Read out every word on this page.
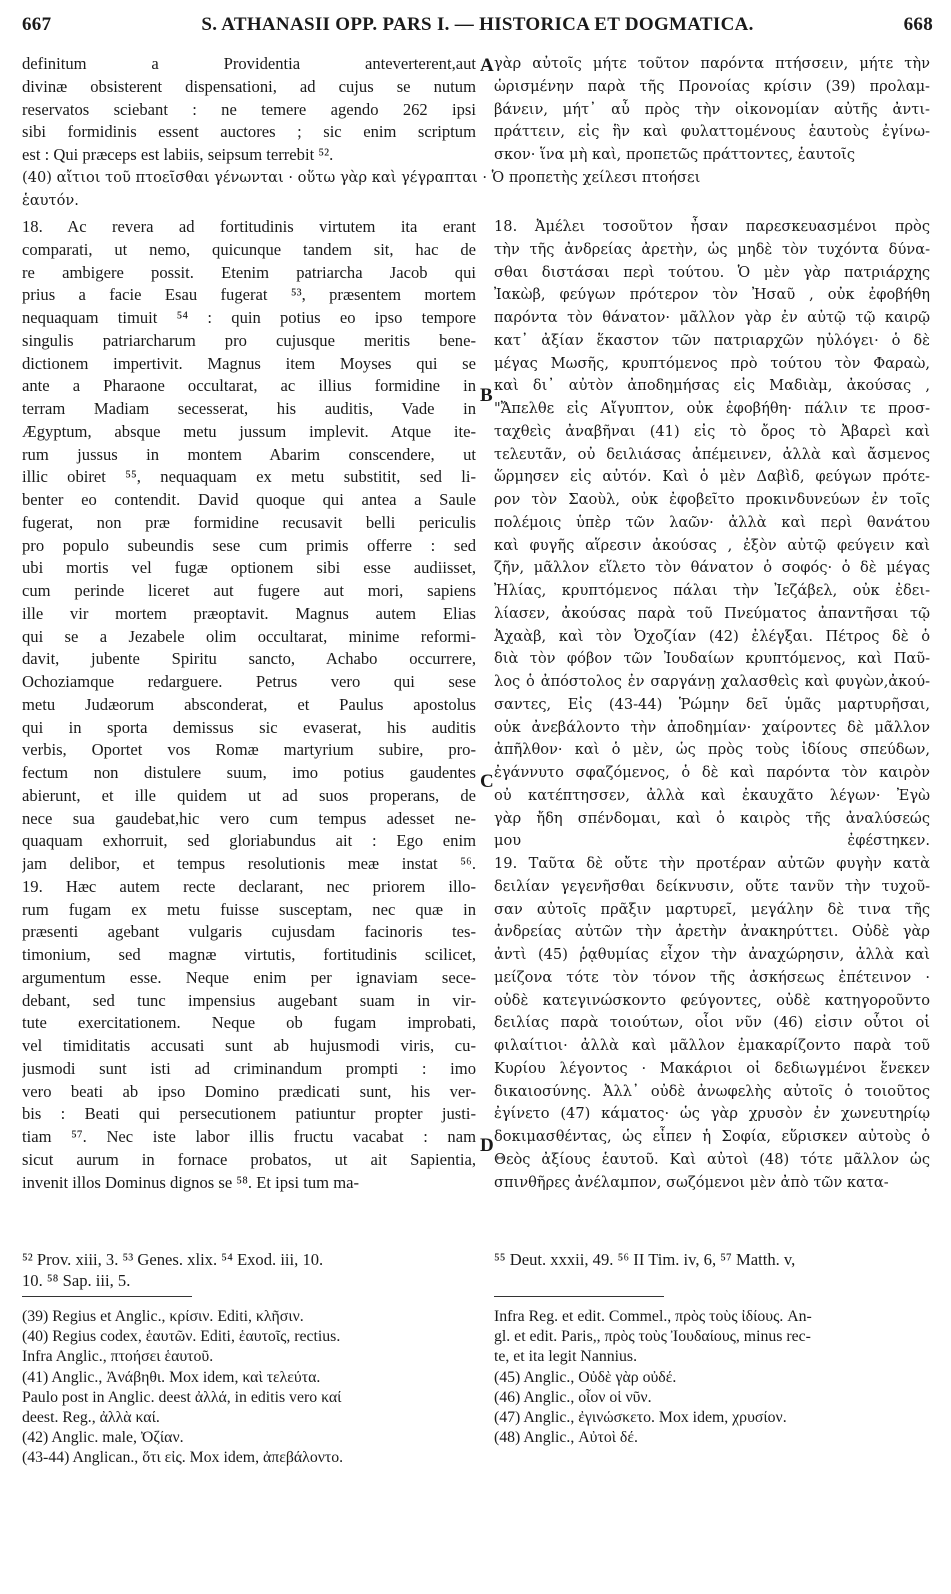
667	S. ATHANASII OPP. PARS I. — HISTORICA ET DOGMATICA.	668
definitum a Providentia anteverterent,aut
divinæ obsisterent dispensationi, ad cujus se nutum
reservatos sciebant : ne temere agendo 262 ipsi
sibi formidinis essent auctores ; sic enim scriptum
est : Qui præceps est labiis, seipsum terrebit ⁵².
γὰρ αὐτοῖς μήτε τοῦτον παρόντα πτήσσειν, μήτε τὴν
ὡρισμένην παρὰ τῆς Προνοίας κρίσιν (39) προλαμ-
βάνειν, μήτ᾽ αὖ πρὸς τὴν οἰκονομίαν αὐτῆς ἀντι-
πράττειν, εἰς ἣν καὶ φυλαττομένους ἑαυτοὺς ἐγίνω-
σκον· ἵνα μὴ καὶ, προπετῶς πράττοντες, ἑαυτοῖς
(40) αἴτιοι τοῦ πτοεῖσθαι γένωνται · οὕτω γὰρ καὶ γέγραπται · Ὁ προπετὴς χείλεσι πτοήσει
ἑαυτόν.
18. Ac revera ad fortitudinis virtutem ita erant
comparati, ut nemo, quicunque tandem sit, hac de
re ambigere possit. Etenim patriarcha Jacob qui
prius a facie Esau fugerat ⁵³, præsentem mortem
nequaquam timuit ⁵⁴ : quin potius eo ipso tempore
singulis patriarcharum pro cujusque meritis bene-
dictionem impertivit. Magnus item Moyses qui se
ante a Pharaone occultarat, ac illius formidine in
terram Madiam secesserat, his auditis, Vade in
Ægyptum, absque metu jussum implevit. Atque ite-
rum jussus in montem Abarim conscendere, ut
illic obiret ⁵⁵, nequaquam ex metu substitit, sed li-
benter eo contendit. David quoque qui antea a Saule
fugerat, non præ formidine recusavit belli periculis
pro populo subeundis sese cum primis offerre : sed
ubi mortis vel fugæ optionem sibi esse audiisset,
cum perinde liceret aut fugere aut mori, sapiens
ille vir mortem præoptavit. Magnus autem Elias
qui se a Jezabele olim occultarat, minime reformi-
davit, jubente Spiritu sancto, Achabo occurrere,
Ochoziamque redarguere. Petrus vero qui sese
metu Judæorum absconderat, et Paulus apostolus
qui in sporta demissus sic evaserat, his auditis
verbis, Oportet vos Romæ martyrium subire, pro-
fectum non distulere suum, imo potius gaudentes
abierunt, et ille quidem ut ad suos properans, de
nece sua gaudebat,hic vero cum tempus adesset ne-
quaquam exhorruit, sed gloriabundus ait : Ego enim
jam delibor, et tempus resolutionis meæ instat ⁵⁶.
19. Hæc autem recte declarant, nec priorem illo-
rum fugam ex metu fuisse susceptam, nec quæ in
præsenti agebant vulgaris cujusdam facinoris tes-
timonium, sed magnæ virtutis, fortitudinis scilicet,
argumentum esse. Neque enim per ignaviam sece-
debant, sed tunc impensius augebant suam in vir-
tute exercitationem. Neque ob fugam improbati,
vel timiditatis accusati sunt ab hujusmodi viris, cu-
jusmodi sunt isti ad criminandum prompti : imo
vero beati ab ipso Domino prædicati sunt, his ver-
bis : Beati qui persecutionem patiuntur propter justi-
tiam ⁵⁷. Nec iste labor illis fructu vacabat : nam
sicut aurum in fornace probatos, ut ait Sapientia,
invenit illos Dominus dignos se ⁵⁸. Et ipsi tum ma-
18. Ἀμέλει τοσοῦτον ἦσαν παρεσκευασμένοι πρὸς
τὴν τῆς ἀνδρείας ἀρετὴν, ὡς μηδὲ τὸν τυχόντα δύνα-
σθαι διστάσαι περὶ τούτου. Ὁ μὲν γὰρ πατριάρχης
Ἰακὼβ, φεύγων πρότερον τὸν Ἠσαῦ , οὐκ ἐφοβήθη
παρόντα τὸν θάνατον· μᾶλλον γὰρ ἐν αὐτῷ τῷ καιρῷ
κατ᾽ ἀξίαν ἕκαστον τῶν πατριαρχῶν ηὐλόγει· ὁ δὲ
μέγας Μωσῆς, κρυπτόμενος πρὸ τούτου τὸν Φαραὼ,
καὶ δι᾽ αὐτὸν ἀποδημήσας εἰς Μαδιὰμ, ἀκούσας ,
"Ἄπελθε εἰς Αἴγυπτον, οὐκ ἐφοβήθη· πάλιν τε προσ-
ταχθεὶς ἀναβῆναι (41) εἰς τὸ ὄρος τὸ Ἀβαρεὶ καὶ
τελευτᾶν, οὐ δειλιάσας ἀπέμεινεν, ἀλλὰ καὶ ἄσμενος
ὥρμησεν εἰς αὐτόν. Καὶ ὁ μὲν Δαβὶδ, φεύγων πρότε-
ρον τὸν Σαοὺλ, οὐκ ἐφοβεῖτο προκινδυνεύων ἐν τοῖς
πολέμοις ὑπὲρ τῶν λαῶν· ἀλλὰ καὶ περὶ θανάτου
καὶ φυγῆς αἵρεσιν ἀκούσας , ἐξὸν αὐτῷ φεύγειν καὶ
ζῆν, μᾶλλον εἵλετο τὸν θάνατον ὁ σοφός· ὁ δὲ μέγας
Ἠλίας, κρυπτόμενος πάλαι τὴν Ἰεζάβελ, οὐκ ἐδει-
λίασεν, ἀκούσας παρὰ τοῦ Πνεύματος ἀπαντῆσαι τῷ
Ἀχαὰβ, καὶ τὸν Ὀχοζίαν (42) ἐλέγξαι. Πέτρος δὲ ὁ
διὰ τὸν φόβον τῶν Ἰουδαίων κρυπτόμενος, καὶ Παῦ-
λος ὁ ἀπόστολος ἐν σαργάνῃ χαλασθεὶς καὶ φυγὼν,ἀκού-
σαντες, Εἰς (43-44) Ῥώμην δεῖ ὑμᾶς μαρτυρῆσαι,
οὐκ ἀνεβάλοντο τὴν ἀποδημίαν· χαίροντες δὲ μᾶλλον
ἀπῆλθον· καὶ ὁ μὲν, ὡς πρὸς τοὺς ἰδίους σπεύδων,
ἐγάννυτο σφαζόμενος, ὁ δὲ καὶ παρόντα τὸν καιρὸν
οὐ κατέπτησσεν, ἀλλὰ καὶ ἐκαυχᾶτο λέγων· Ἐγὼ
γὰρ ἤδη σπένδομαι, καὶ ὁ καιρὸς τῆς ἀναλύσεώς
μου ἐφέστηκεν.
19. Ταῦτα δὲ οὔτε τὴν προτέραν αὐτῶν φυγὴν κατὰ
δειλίαν γεγενῆσθαι δείκνυσιν, οὔτε τανῦν τὴν τυχοῦ-
σαν αὐτοῖς πρᾶξιν μαρτυρεῖ, μεγάλην δὲ τινα τῆς
ἀνδρείας αὐτῶν τὴν ἀρετὴν ἀνακηρύττει. Οὐδὲ γὰρ
ἀντὶ (45) ῥᾳθυμίας εἶχον τὴν ἀναχώρησιν, ἀλλὰ καὶ
μείζονα τότε τὸν τόνον τῆς ἀσκήσεως ἐπέτεινον ·
οὐδὲ κατεγινώσκοντο φεύγοντες, οὐδὲ κατηγοροῦντο
δειλίας παρὰ τοιούτων, οἷοι νῦν (46) εἰσιν οὗτοι οἱ
φιλαίτιοι· ἀλλὰ καὶ μᾶλλον ἐμακαρίζοντο παρὰ τοῦ
Κυρίου λέγοντος · Μακάριοι οἱ δεδιωγμένοι ἕνεκεν
δικαιοσύνης. Ἀλλ᾽ οὐδὲ ἀνωφελὴς αὐτοῖς ὁ τοιοῦτος
ἐγίνετο (47) κάματος· ὡς γὰρ χρυσὸν ἐν χωνευτηρίῳ
δοκιμασθέντας, ὡς εἶπεν ἡ Σοφία, εὕρισκεν αὐτοὺς ὁ
Θεὸς ἀξίους ἑαυτοῦ. Καὶ αὐτοὶ (48) τότε μᾶλλον ὡς
σπινθῆρες ἀνέλαμπον, σωζόμενοι μὲν ἀπὸ τῶν κατα-
A
B
C
D
⁵² Prov. xiii, 3. ⁵³ Genes. xlix. ⁵⁴ Exod. iii, 10.
10. ⁵⁸ Sap. iii, 5.
⁵⁵ Deut. xxxii, 49. ⁵⁶ II Tim. iv, 6, ⁵⁷ Matth. v,
(39) Regius et Anglic., κρίσιν. Editi, κλῆσιν.
(40) Regius codex, ἑαυτῶν. Editi, ἑαυτοῖς, rectius.
Infra Anglic., πτοήσει ἑαυτοῦ.
(41) Anglic., Ἀνάβηθι. Mox idem, καὶ τελεύτα.
Paulo post in Anglic. deest ἀλλά, in editis vero καί
deest. Reg., ἀλλὰ καί.
(42) Anglic. male, Ὀζίαν.
(43-44) Anglican., ὅτι εἰς. Mox idem, ἀπεβάλοντο.
Infra Reg. et edit. Commel., πρὸς τοὺς ἰδίους. An-
gl. et edit. Paris,, πρὸς τοὺς Ἰουδαίους, minus rec-
te, et ita legit Nannius.
(45) Anglic., Οὐδὲ γὰρ οὐδέ.
(46) Anglic., οἷον οἱ νῦν.
(47) Anglic., ἐγινώσκετο. Mox idem, χρυσίον.
(48) Anglic., Αὐτοὶ δέ.
